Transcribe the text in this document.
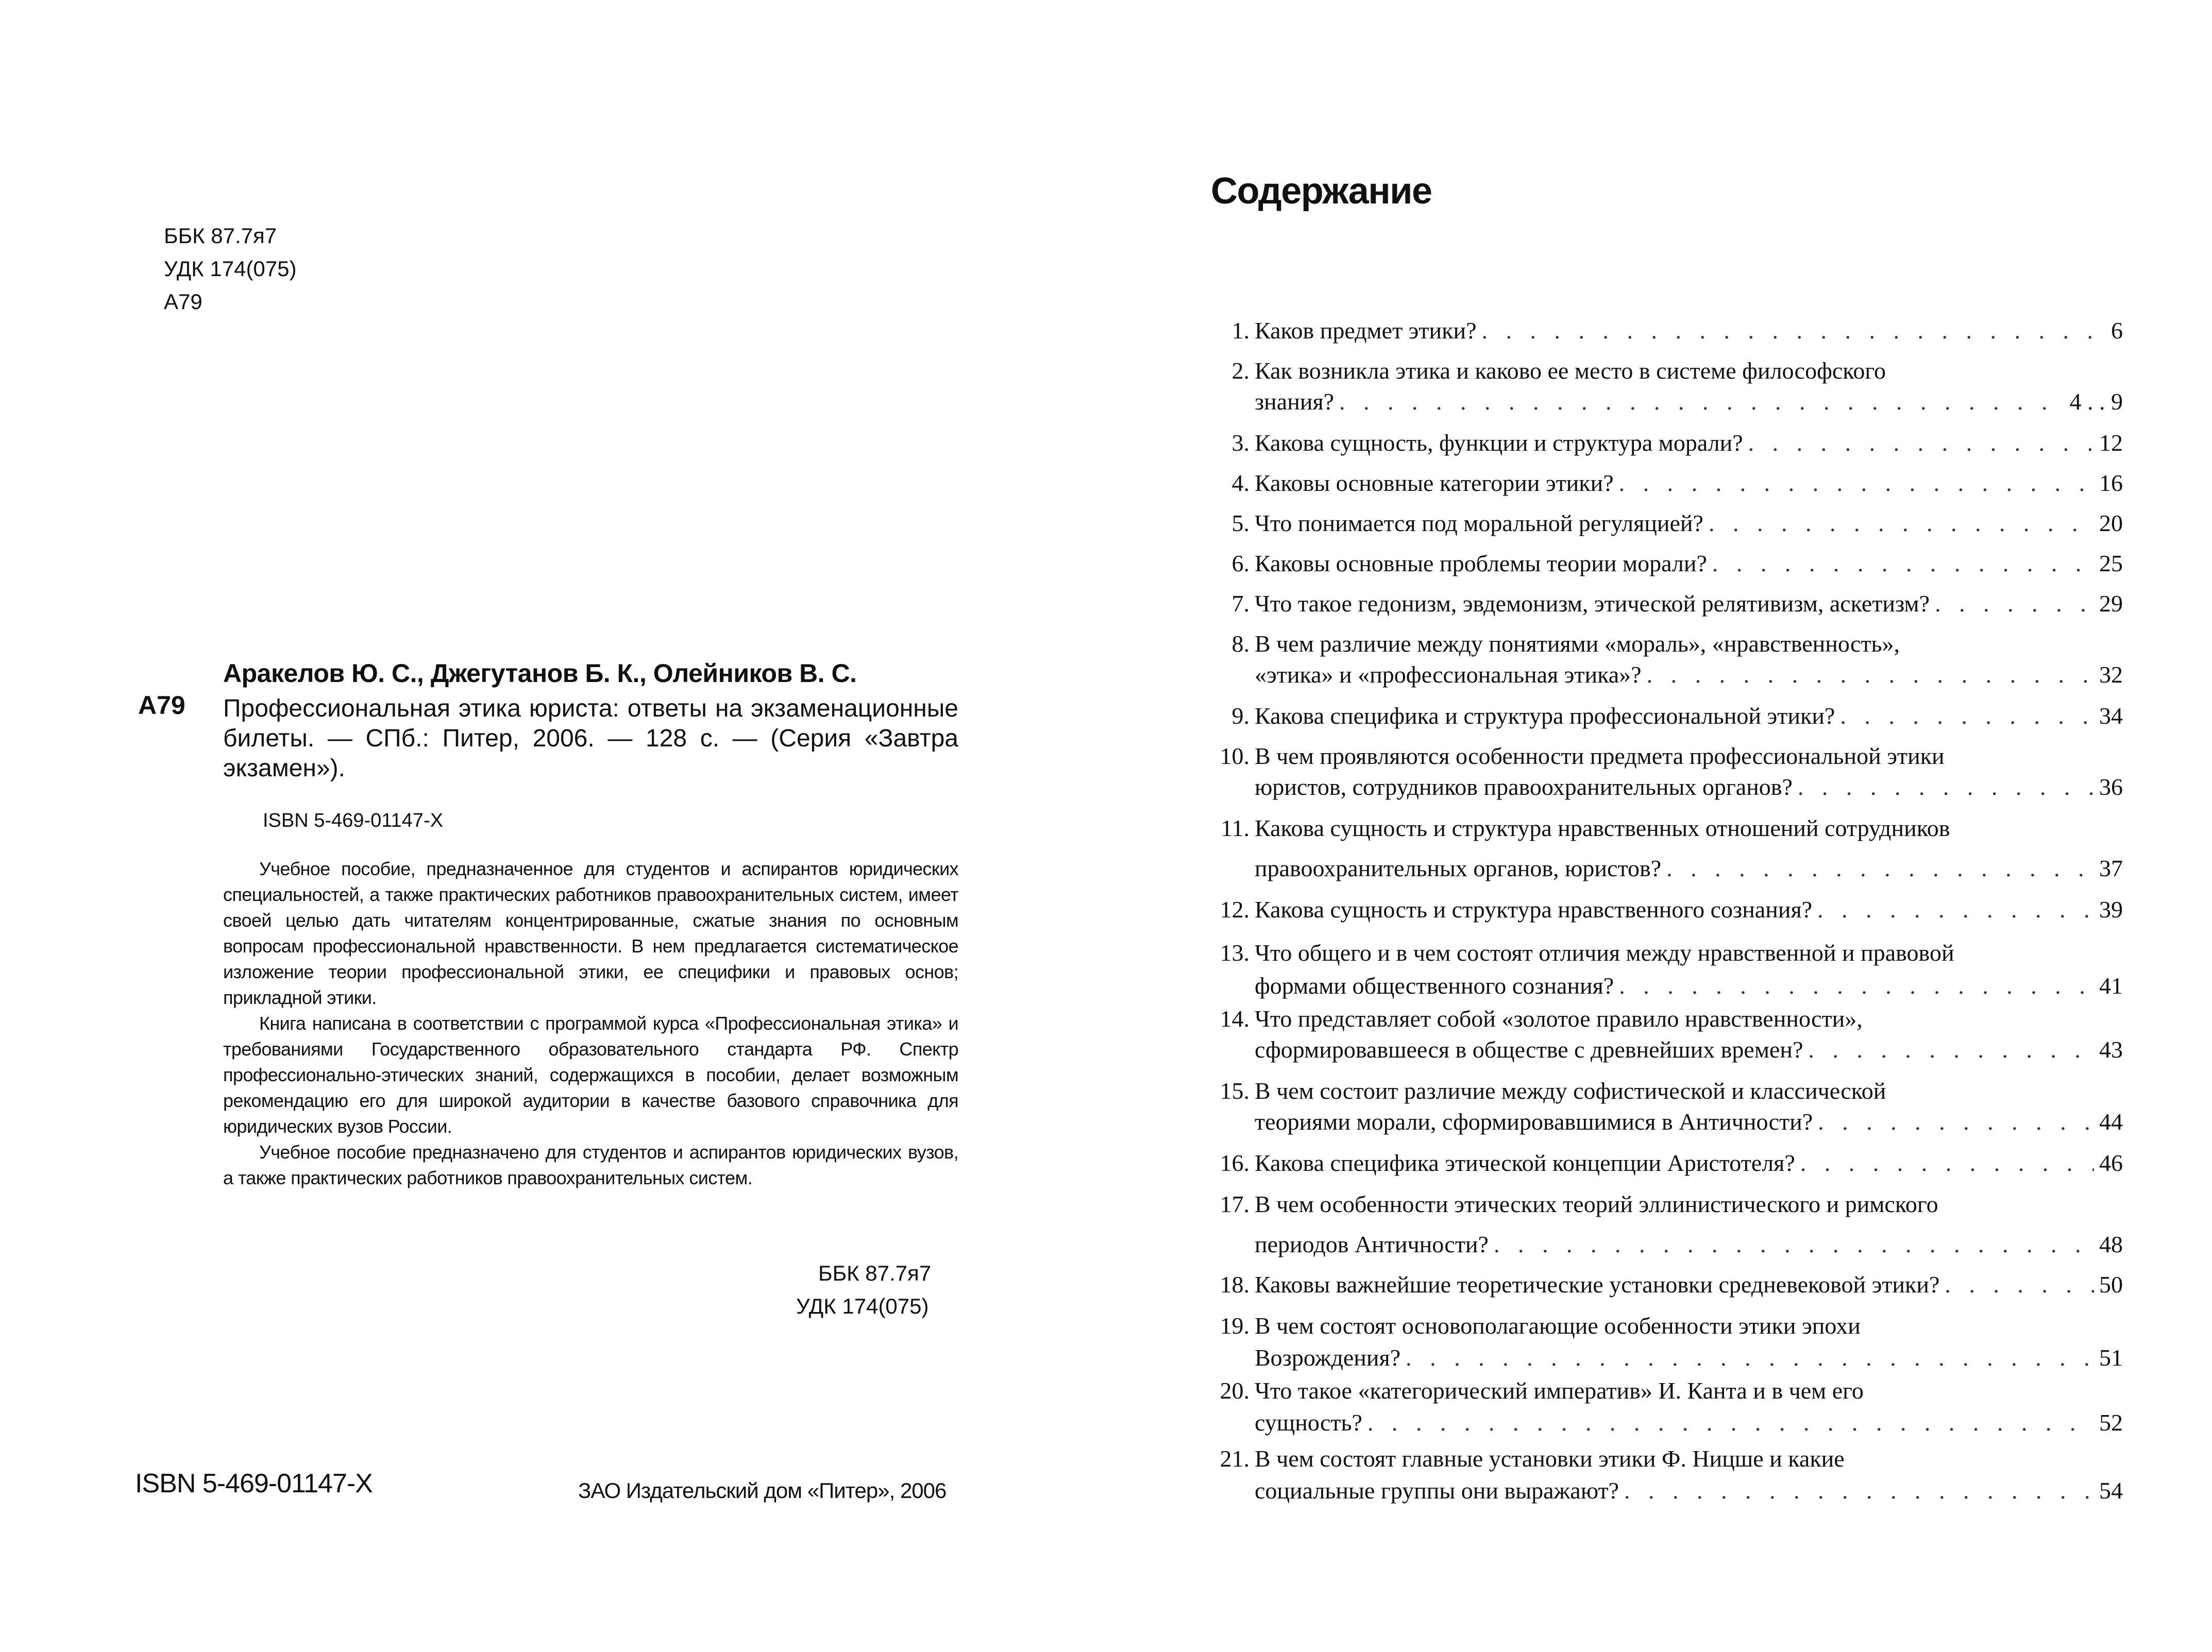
ББК 87.7я7
УДК 174(075)
А79
Аракелов Ю. С., Джегутанов Б. К., Олейников В. С.
А79 Профессиональная этика юриста: ответы на экзаменационные билеты. — СПб.: Питер, 2006. — 128 с. — (Серия «Завтра экзамен»).
ISBN 5-469-01147-X

Учебное пособие, предназначенное для студентов и аспирантов юридических специальностей, а также практических работников правоохранительных систем, имеет своей целью дать читателям концентрированные, сжатые знания по основным вопросам профессиональной нравственности. В нем предлагается систематическое изложение теории профессиональной этики, ее специфики и правовых основ; прикладной этики.

Книга написана в соответствии с программой курса «Профессиональная этика» и требованиями Государственного образовательного стандарта РФ. Спектр профессионально-этических знаний, содержащихся в пособии, делает возможным рекомендацию его для широкой аудитории в качестве базового справочника для юридических вузов России.

Учебное пособие предназначено для студентов и аспирантов юридических вузов, а также практических работников правоохранительных систем.

ББК 87.7я7
УДК 174(075)
ISBN 5-469-01147-X	ЗАО Издательский дом «Питер», 2006
Содержание
1. Каков предмет этики? . . .	6
2. Как возникла этика и каково ее место в системе философского
знания? . . .	4 . . 9
3. Какова сущность, функции и структура морали? . . .	12
4. Каковы основные категории этики? . . .	16
5. Что понимается под моральной регуляцией? . . .	20
6. Каковы основные проблемы теории морали? . . .	25
7. Что такое гедонизм, эвдемонизм, этической релятивизм, аскетизм? . . .	29
8. В чем различие между понятиями «мораль», «нравственность»,
«этика» и «профессиональная этика»? . . .	32
9. Какова специфика и структура профессиональной этики? . . .	34
10. В чем проявляются особенности предмета профессиональной этики
юристов, сотрудников правоохранительных органов? . . .	36
11. Какова сущность и структура нравственных отношений сотрудников
правоохранительных органов, юристов? . . .	37
12. Какова сущность и структура нравственного сознания? . . .	39
13. Что общего и в чем состоят отличия между нравственной и правовой
формами общественного сознания? . . .	41
14. Что представляет собой «золотое правило нравственности»,
сформировавшееся в обществе с древнейших времен? . . .	43
15. В чем состоит различие между софистической и классической
теориями морали, сформировавшимися в Античности? . . .	44
16. Какова специфика этической концепции Аристотеля? . . .	46
17. В чем особенности этических теорий эллинистического и римского
периодов Античности? . . .	48
18. Каковы важнейшие теоретические установки средневековой этики? . . .	50
19. В чем состоят основополагающие особенности этики эпохи
Возрождения? . . .	51
20. Что такое «категорический императив» И. Канта и в чем его
сущность? . . .	52
21. В чем состоят главные установки этики Ф. Ницше и какие
социальные группы они выражают? . . .	54
